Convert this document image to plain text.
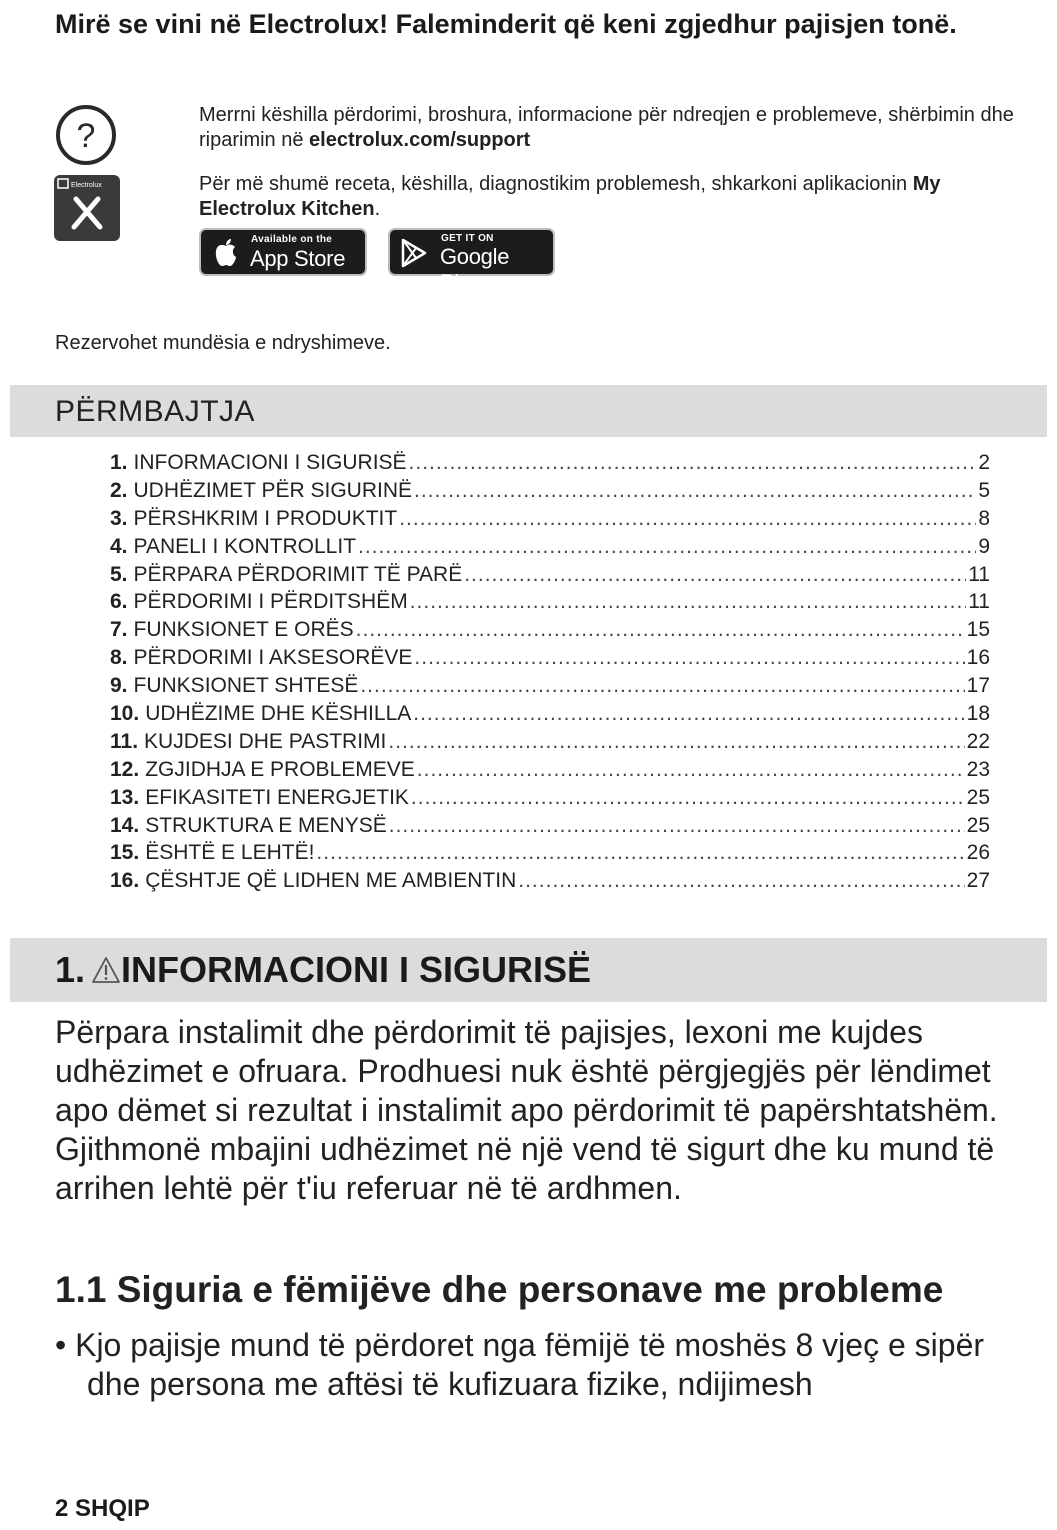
Mirë se vini në Electrolux! Faleminderit që keni zgjedhur pajisjen tonë.
?
Merrni këshilla përdorimi, broshura, informacione për ndreqjen e problemeve, shërbimin dhe riparimin në electrolux.com/support
Electrolux	Për më shumë receta, këshilla, diagnostikim problemesh, shkarkoni aplikacionin My Electrolux Kitchen.
Available on the
App Store
GET IT ON
Google Play
Rezervohet mundësia e ndryshimeve.
PËRMBAJTJA
1. INFORMACIONI I SIGURISË .....	2
2. UDHËZIMET PËR SIGURINË .....	5
3. PËRSHKRIM I PRODUKTIT .....	8
4. PANELI I KONTROLLIT .....	9
5. PËRPARA PËRDORIMIT TË PARË .....	11
6. PËRDORIMI I PËRDITSHËM .....	11
7. FUNKSIONET E ORËS .....	15
8. PËRDORIMI I AKSESORËVE .....	16
9. FUNKSIONET SHTESË .....	17
10. UDHËZIME DHE KËSHILLA .....	18
11. KUJDESI DHE PASTRIMI .....	22
12. ZGJIDHJA E PROBLEMEVE .....	23
13. EFIKASITETI ENERGJETIK .....	25
14. STRUKTURA E MENYSË .....	25
15. ËSHTË E LEHTË! .....	26
16. ÇËSHTJE QË LIDHEN ME AMBIENTIN .....	27
1. INFORMACIONI I SIGURISË

Përpara instalimit dhe përdorimit të pajisjes, lexoni me kujdes udhëzimet e ofruara. Prodhuesi nuk është përgjegjës për lëndimet apo dëmet si rezultat i instalimit apo përdorimit të papërshtatshëm. Gjithmonë mbajini udhëzimet në një vend të sigurt dhe ku mund të arrihen lehtë për t'iu referuar në të ardhmen.

1.1 Siguria e fëmijëve dhe personave me probleme

• Kjo pajisje mund të përdoret nga fëmijë të moshës 8 vjeç e sipër dhe persona me aftësi të kufizuara fizike, ndijimesh

2 SHQIP
